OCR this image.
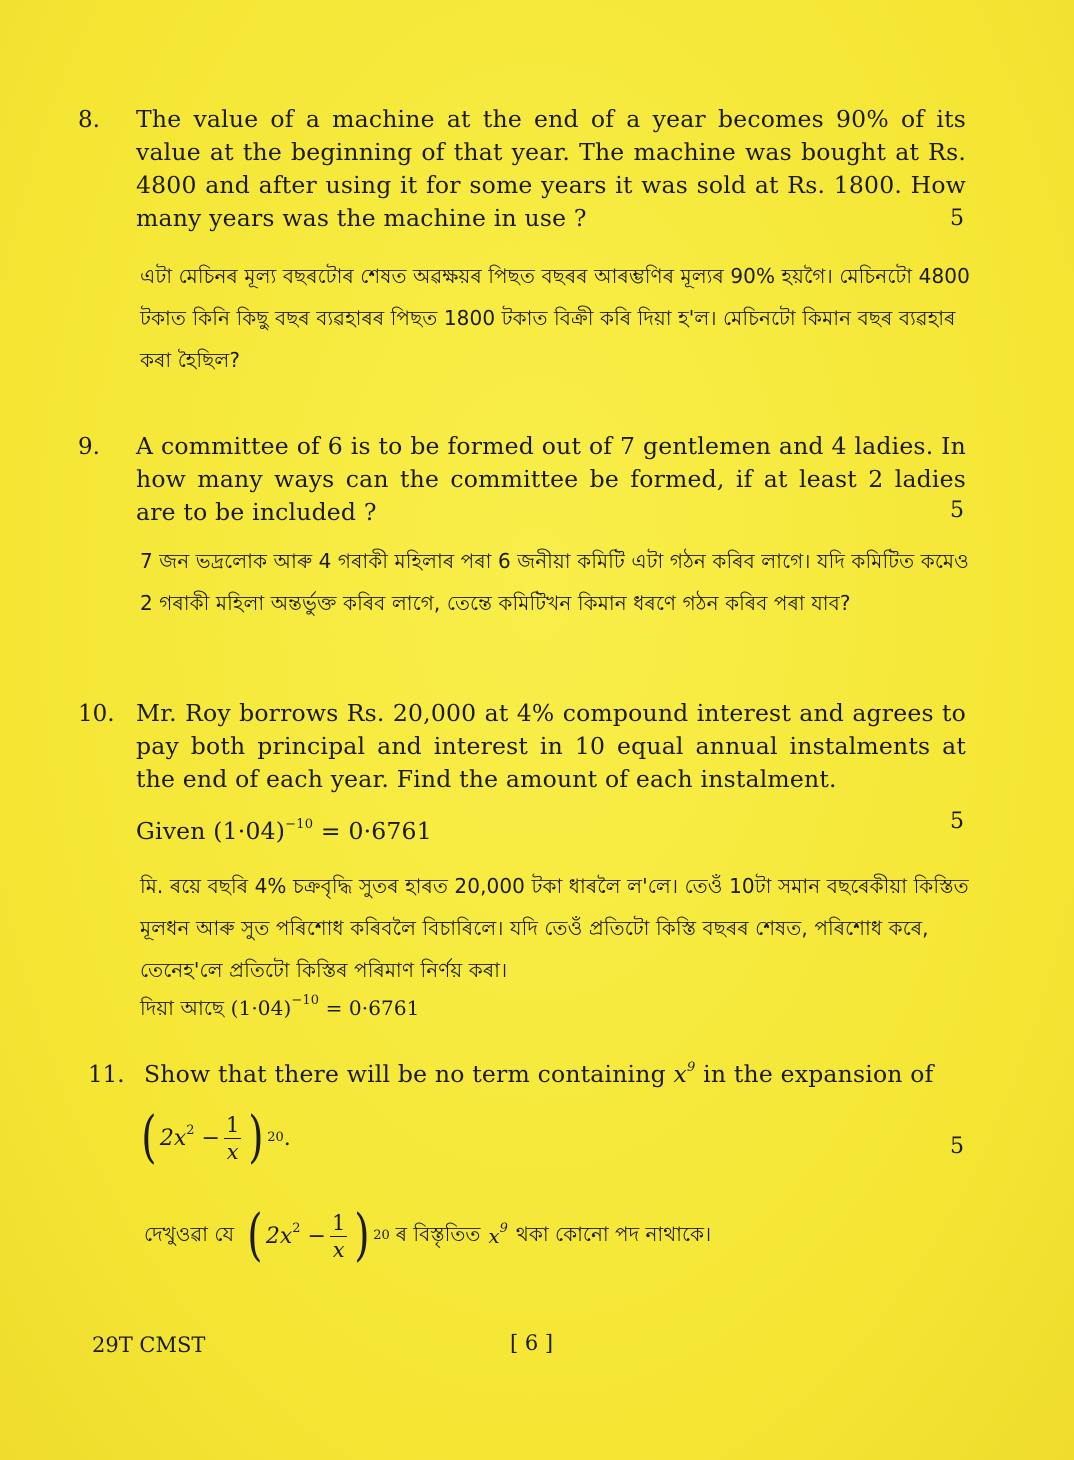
8. The value of a machine at the end of a year becomes 90% of its value at the beginning of that year. The machine was bought at Rs. 4800 and after using it for some years it was sold at Rs. 1800. How many years was the machine in use ?	5
এটা মেচিনৰ মূল্য বছৰটোৰ শেষত অৱক্ষয়ৰ পিছত বছৰৰ আৰম্ভণিৰ মূল্যৰ 90% হয়গৈ। মেচিনটো 4800 টকাত কিনি কিছু বছৰ ব্যৱহাৰৰ পিছত 1800 টকাত বিক্ৰী কৰি দিয়া হ'ল। মেচিনটো কিমান বছৰ ব্যৱহাৰ কৰা হৈছিল?
9. A committee of 6 is to be formed out of 7 gentlemen and 4 ladies. In how many ways can the committee be formed, if at least 2 ladies are to be included ?	5
7 জন ভদ্ৰলোক আৰু 4 গৰাকী মহিলাৰ পৰা 6 জনীয়া কমিটি এটা গঠন কৰিব লাগে। যদি কমিটিত কমেও 2 গৰাকী মহিলা অন্তৰ্ভুক্ত কৰিব লাগে, তেন্তে কমিটিখন কিমান ধৰণে গঠন কৰিব পৰা যাব?
10. Mr. Roy borrows Rs. 20,000 at 4% compound interest and agrees to pay both principal and interest in 10 equal annual instalments at the end of each year. Find the amount of each instalment.
Given $(1\cdot 04)^{-10} = 0\cdot 6761$	5
মি. ৰয়ে বছৰি 4% চক্ৰবৃদ্ধি সুতৰ হাৰত 20,000 টকা ধাৰলৈ ল'লে। তেওঁ 10টা সমান বছৰেকীয়া কিস্তিত মূলধন আৰু সুত পৰিশোধ কৰিবলৈ বিচাৰিলে। যদি তেওঁ প্ৰতিটো কিস্তি বছৰৰ শেষত, পৰিশোধ কৰে, তেনেহ'লে প্ৰতিটো কিস্তিৰ পৰিমাণ নিৰ্ণয় কৰা।
দিয়া আছে $(1\cdot 04)^{-10} = 0\cdot 6761$
11. Show that there will be no term containing $x^9$ in the expansion of
( $2x^2 - \frac{1}{x}$ ) 20 .	5
দেখুওৱা যে ( $2x^2 - \frac{1}{x}$ ) 20 ৰ বিস্তৃতিত $x^9$ থকা কোনো পদ নাথাকে।
29T CMST	[ 6 ]
